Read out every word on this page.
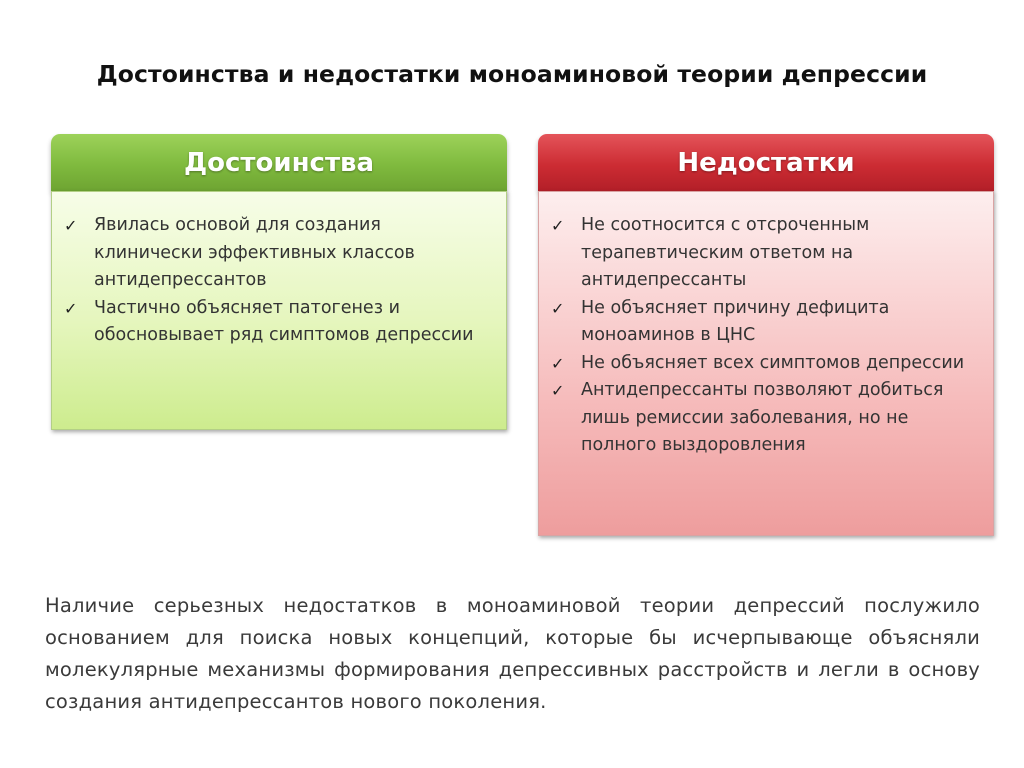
Достоинства и недостатки моноаминовой теории депрессии
Достоинства
✓ Явилась основой для создания клинически эффективных классов антидепрессантов
✓ Частично объясняет патогенез и обосновывает ряд симптомов депрессии
Недостатки
✓ Не соотносится с отсроченным терапевтическим ответом на антидепрессанты
✓ Не объясняет причину дефицита моноаминов в ЦНС
✓ Не объясняет всех симптомов депрессии
✓ Антидепрессанты позволяют добиться лишь ремиссии заболевания, но не полного выздоровления
Наличие серьезных недостатков в моноаминовой теории депрессий послужило основанием для поиска новых концепций, которые бы исчерпывающе объясняли молекулярные механизмы формирования депрессивных расстройств и легли в основу создания антидепрессантов нового поколения.
